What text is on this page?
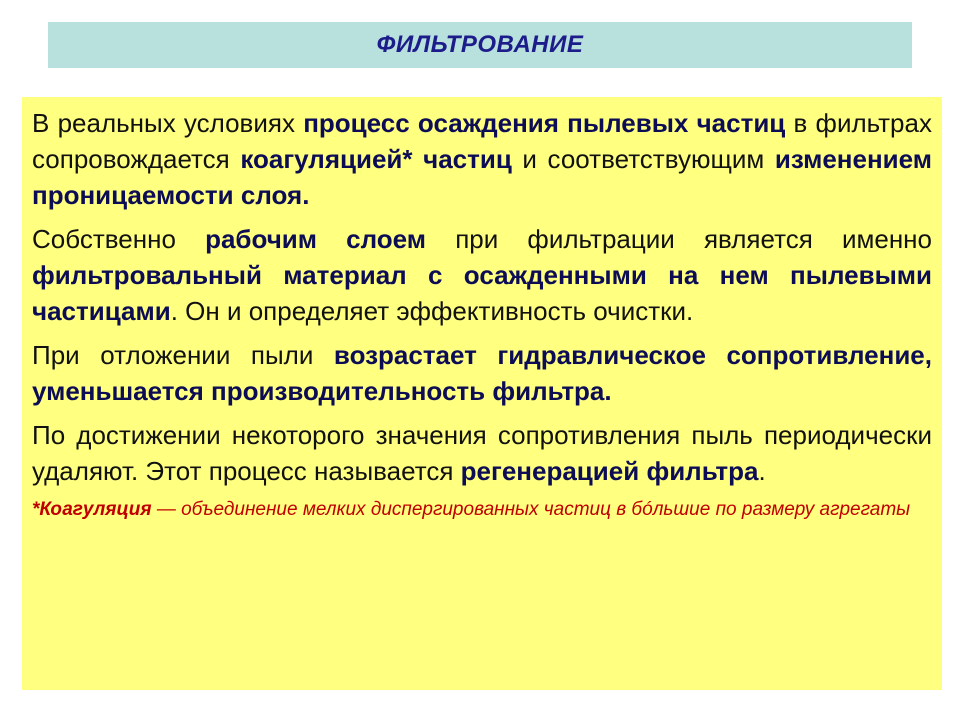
ФИЛЬТРОВАНИЕ

В реальных условиях процесс осаждения пылевых частиц в фильтрах сопровождается коагуляцией* частиц и соответствующим изменением проницаемости слоя.

Собственно рабочим слоем при фильтрации является именно фильтровальный материал с осажденными на нем пылевыми частицами. Он и определяет эффективность очистки.

При отложении пыли возрастает гидравлическое сопротивление, уменьшается производительность фильтра.

По достижении некоторого значения сопротивления пыль периодически удаляют. Этот процесс называется регенерацией фильтра.

*Коагуляция — объединение мелких диспергированных частиц в бóльшие по размеру агрегаты
